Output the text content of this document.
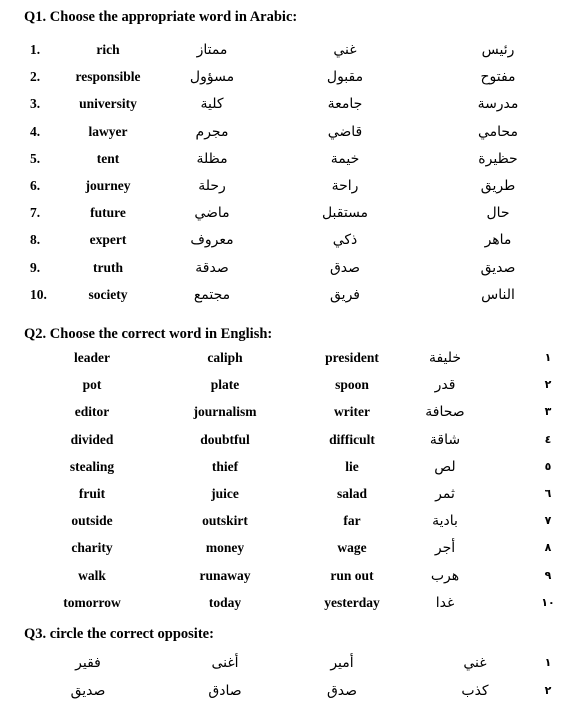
Q1. Choose the appropriate word in Arabic:
1.	rich	ممتاز	غني	رئيس
2.	responsible	مسؤول	مقبول	مفتوح
3.	university	كلية	جامعة	مدرسة
4.	lawyer	مجرم	قاضي	محامي
5.	tent	مظلة	خيمة	حظيرة
6.	journey	رحلة	راحة	طريق
7.	future	ماضي	مستقبل	حال
8.	expert	معروف	ذكي	ماهر
9.	truth	صدقة	صدق	صديق
10.	society	مجتمع	فريق	الناس
Q2. Choose the correct word in English:
leader	caliph	president	خليفة	١
pot	plate	spoon	قدر	٢
editor	journalism	writer	صحافة	٣
divided	doubtful	difficult	شاقة	٤
stealing	thief	lie	لص	٥
fruit	juice	salad	ثمر	٦
outside	outskirt	far	بادية	٧
charity	money	wage	أجر	٨
walk	runaway	run out	هرب	٩
tomorrow	today	yesterday	غدا	١٠
Q3. circle the correct opposite:
فقير	أغنى	أمير	غني	١
صديق	صادق	صدق	كذب	٢
